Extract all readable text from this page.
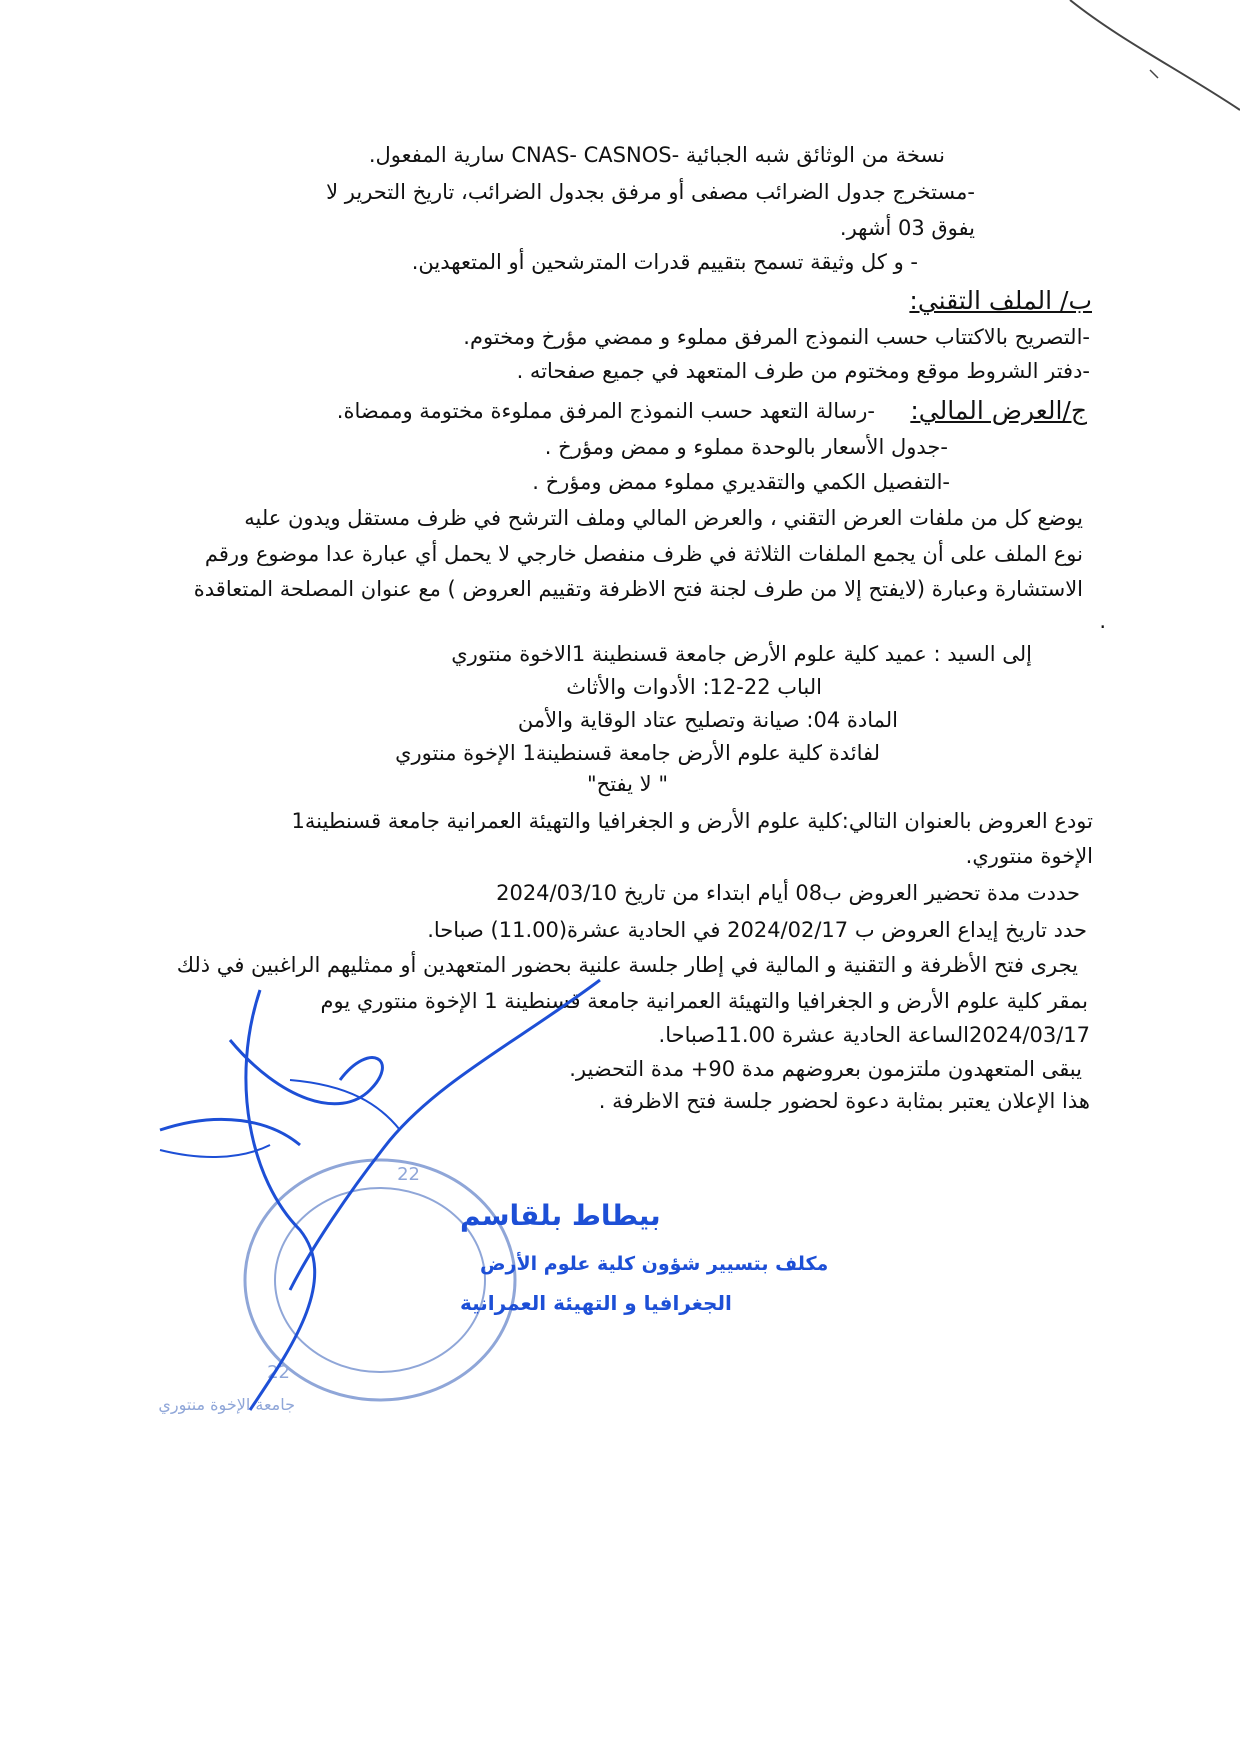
نسخة من الوثائق شبه الجبائية -CNAS- CASNOS سارية المفعول.
-مستخرج جدول الضرائب مصفى أو مرفق بجدول الضرائب، تاريخ التحرير لا
يفوق 03 أشهر.
- و كل وثيقة تسمح بتقييم قدرات المترشحين أو المتعهدين.
ب/ الملف التقني:
-التصريح بالاكتتاب حسب النموذج المرفق مملوء و ممضي مؤرخ ومختوم.
-دفتر الشروط موقع ومختوم من طرف المتعهد في جميع صفحاته .
ج/العرض المالي:
-رسالة التعهد حسب النموذج المرفق مملوءة مختومة وممضاة.
-جدول الأسعار بالوحدة مملوء و ممض ومؤرخ .
-التفصيل الكمي والتقديري مملوء ممض ومؤرخ .
يوضع كل من ملفات العرض التقني ، والعرض المالي وملف الترشح في ظرف مستقل ويدون عليه
نوع الملف على أن يجمع الملفات الثلاثة في ظرف منفصل خارجي لا يحمل أي عبارة عدا موضوع ورقم
الاستشارة وعبارة (لايفتح إلا من طرف لجنة فتح الاظرفة وتقييم العروض ) مع عنوان المصلحة المتعاقدة
.
إلى السيد : عميد كلية علوم الأرض جامعة قسنطينة 1الاخوة منتوري
الباب 22-12: الأدوات والأثاث
المادة 04: صيانة وتصليح عتاد الوقاية والأمن
لفائدة كلية علوم الأرض جامعة قسنطينة1 الإخوة منتوري
" لا يفتح"
تودع العروض بالعنوان التالي:كلية علوم الأرض و الجغرافيا والتهيئة العمرانية جامعة قسنطينة1
الإخوة منتوري.
حددت مدة تحضير العروض ب08 أيام ابتداء من تاريخ 2024/03/10
حدد تاريخ إيداع العروض ب 2024/02/17 في الحادية عشرة(11.00) صباحا.
يجرى فتح الأظرفة و التقنية و المالية في إطار جلسة علنية بحضور المتعهدين أو ممثليهم الراغبين في ذلك
بمقر كلية علوم الأرض و الجغرافيا والتهيئة العمرانية جامعة قسنطينة 1 الإخوة منتوري يوم
2024/03/17الساعة الحادية عشرة 11.00صباحا.
يبقى المتعهدون ملتزمون بعروضهم مدة 90+ مدة التحضير.
هذا الإعلان يعتبر بمثابة دعوة لحضور جلسة فتح الاظرفة .
22
22
جامعة الإخوة منتوري
بيطاط بلقاسم
مكلف بتسيير شؤون كلية علوم الأرض
الجغرافيا و التهيئة العمرانية
